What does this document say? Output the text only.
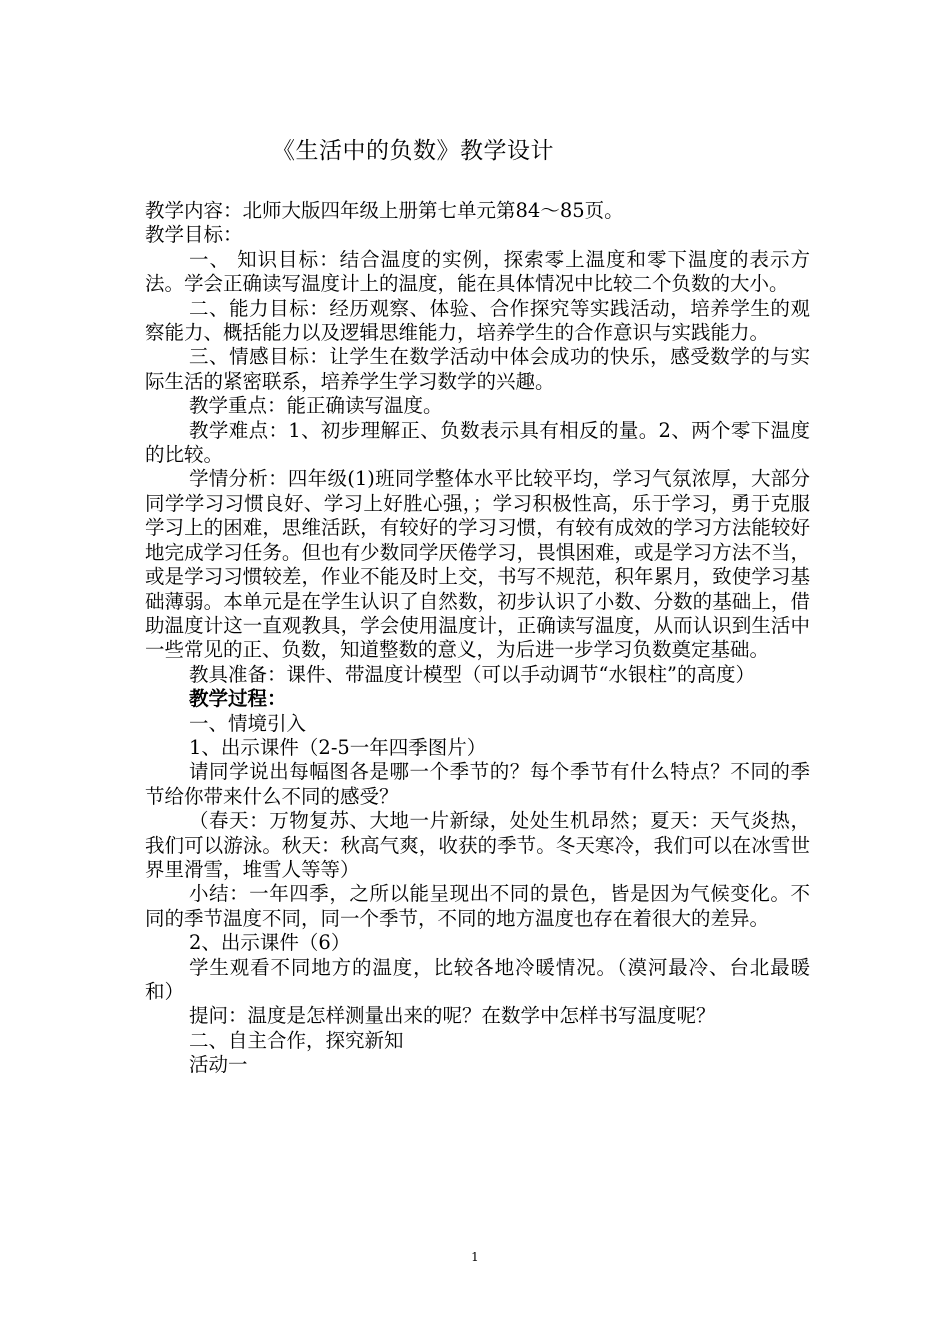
《生活中的负数》教学设计

教学内容：北师大版四年级上册第七单元第84～85页。

教学目标：

一、 知识目标：结合温度的实例，探索零上温度和零下温度的表示方法。学会正确读写温度计上的温度，能在具体情况中比较二个负数的大小。

二、能力目标：经历观察、体验、合作探究等实践活动，培养学生的观察能力、概括能力以及逻辑思维能力，培养学生的合作意识与实践能力。

三、情感目标：让学生在数学活动中体会成功的快乐，感受数学的与实际生活的紧密联系，培养学生学习数学的兴趣。

教学重点：能正确读写温度。

教学难点：1、初步理解正、负数表示具有相反的量。2、两个零下温度的比较。

学情分析：四年级(1)班同学整体水平比较平均，学习气氛浓厚，大部分同学学习习惯良好、学习上好胜心强，；学习积极性高，乐于学习，勇于克服学习上的困难，思维活跃，有较好的学习习惯，有较有成效的学习方法能较好地完成学习任务。但也有少数同学厌倦学习，畏惧困难，或是学习方法不当，或是学习习惯较差，作业不能及时上交，书写不规范，积年累月，致使学习基础薄弱。本单元是在学生认识了自然数，初步认识了小数、分数的基础上，借助温度计这一直观教具，学会使用温度计，正确读写温度，从而认识到生活中一些常见的正、负数，知道整数的意义，为后进一步学习负数奠定基础。

教具准备：课件、带温度计模型（可以手动调节“水银柱”的高度）

教学过程：

一、情境引入

1、出示课件（2-5一年四季图片）

请同学说出每幅图各是哪一个季节的？每个季节有什么特点？不同的季节给你带来什么不同的感受？

（春天：万物复苏、大地一片新绿，处处生机昂然；夏天：天气炎热，我们可以游泳。秋天：秋高气爽，收获的季节。冬天寒冷，我们可以在冰雪世界里滑雪，堆雪人等等）

小结：一年四季，之所以能呈现出不同的景色，皆是因为气候变化。不同的季节温度不同，同一个季节，不同的地方温度也存在着很大的差异。

2、出示课件（6）

学生观看不同地方的温度，比较各地冷暖情况。（漠河最冷、台北最暖和）

提问：温度是怎样测量出来的呢？在数学中怎样书写温度呢？

二、自主合作，探究新知

活动一

1
